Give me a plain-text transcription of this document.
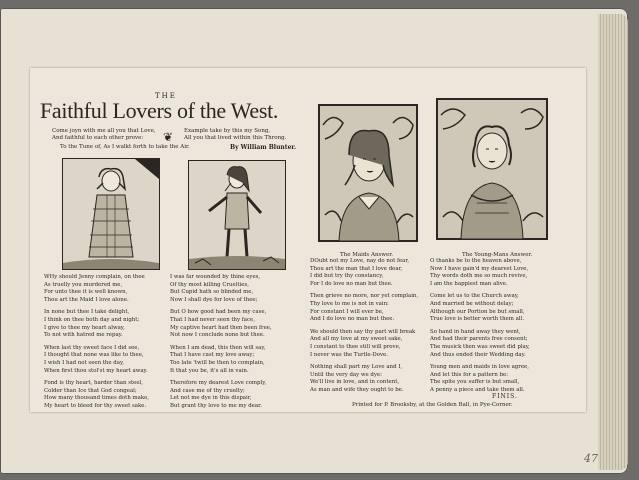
47
THE
Faithful Lovers of the West.
Come joyn with me all you that Love,
And faithful to each other prove: ❦ Example take by this my Song,
All you that lived within this Throng.
To the Tune of, As I walkt forth to take the Air.	By William Blunter.
WHy should Jenny complain, on thee
As truelly you murdered me,
For unto thee it is well known,
Thou art the Maid I love alone.
In none but thee I take delight,
I think on thee both day and night;
I give to thee my heart alway,
To not with hatred me repay.
When last thy sweet face I did see,
I thought that none was like to thee,
I wish I had not seen the day,
When first thou stol'st my heart away.
Fond is thy heart, harder than steel,
Colder than Ice that God congeal;
How many thousand times doth make,
My heart to bleed for thy sweet sake.
I was far wounded by thine eyes,
Of thy most killing Cruelties,
But Cupid hath so blinded me,
Now I shall dye for love of thee;
But O how good had been my case,
That I had never seen thy face,
My captive heart had then been free,
Not now I conclude none but thee.
When I am dead, this then will say,
That I have cast my love away;
Too late 'twill be then to complain,
It that you be, it's all in vain.
Therefore my dearest Love comply,
And case me of thy cruelty;
Let not me dye in this dispair,
But grant thy love to me my dear.
The Maids Answer.	The Young-Mans Answer.
DOubt not my Love, nay do not fear,
Thou art the man that I love dear,
I did but try thy constancy,
For I do love no man but thee.
Then grieve no more, nor yet complain,
Thy love to me is not in vain:
For constant I will ever be,
And I do love no man but thee.
We should then say thy part will break
And all my love at my sweet sake,
I constant to thee still will prove,
I never was the Turtle-Dove.
Nothing shall part my Love and I,
Until the very day we dye:
We'll live in love, and in content,
As man and wife they ought to be.
O thanks be to the heaven above,
Now I have gain'd my dearest Love,
Thy words doth me so much revive,
I am the happiest man alive.
Come let us to the Church away,
And married be without delay;
Although our Portion be but small,
True love is better worth them all.
So hand in hand away they went,
And had their parents free consent;
The musick then was sweet did play,
And thus ended their Wedding day.
Young men and maids in love agree,
And let this for a pattern be:
The spite you suffer is but small,
A penny a piece and take them all.
FINIS.
Printed for P. Brooksby, at the Golden Ball, in Pye-Corner.
